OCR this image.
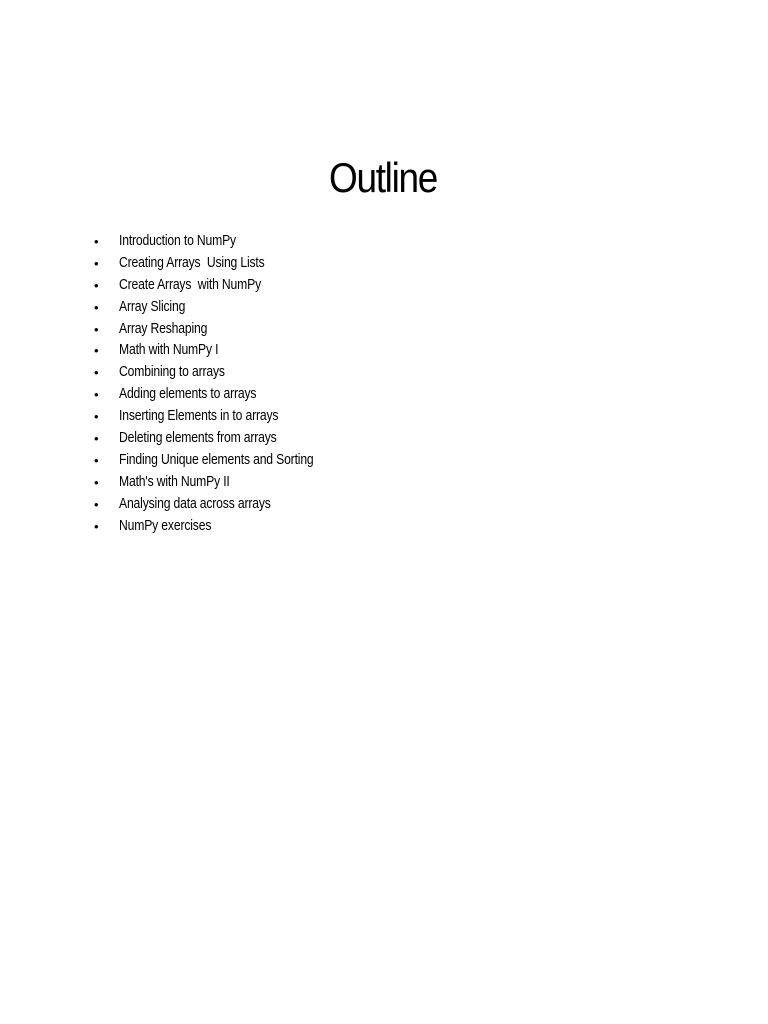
Outline

•

	Introduction to NumPy

•

	Creating Arrays  Using Lists

•

	Create Arrays  with NumPy

•

	Array Slicing

•

	Array Reshaping

•

	Math with NumPy I

•

	Combining to arrays

•

	Adding elements to arrays

•

	Inserting Elements in to arrays

•

	Deleting elements from arrays

•

	Finding Unique elements and Sorting

•

	Math's with NumPy II

•

	Analysing data across arrays

•

	NumPy exercises
